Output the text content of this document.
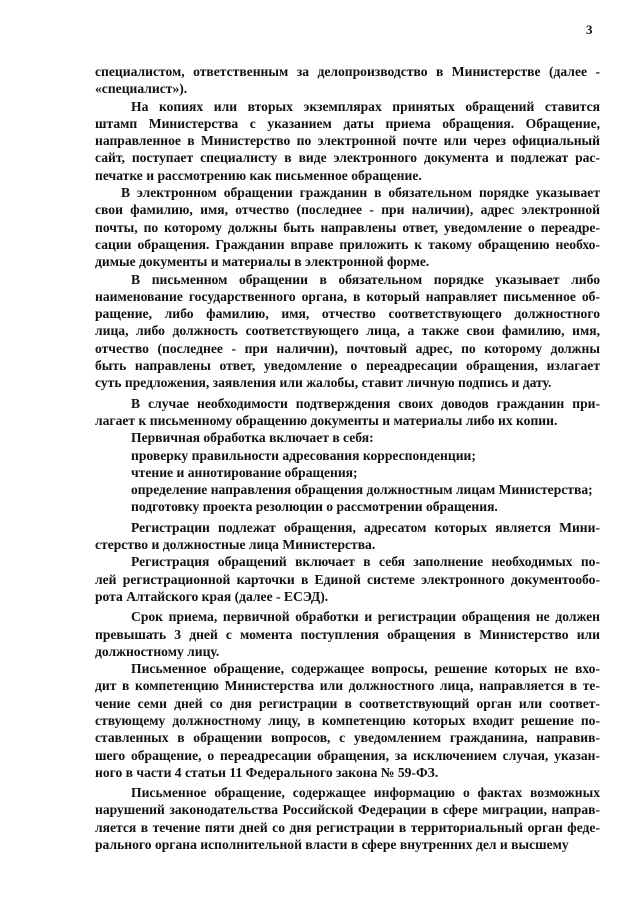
3
специалистом, ответственным за делопроизводство в Министерстве (далее -
«специалист»).
На копиях или вторых экземплярах принятых обращений ставится
штамп Министерства с указанием даты приема обращения. Обращение,
направленное в Министерство по электронной почте или через официальный
сайт, поступает специалисту в виде электронного документа и подлежат рас-
печатке и рассмотрению как письменное обращение.
В электронном обращении гражданин в обязательном порядке указывает
свои фамилию, имя, отчество (последнее - при наличии), адрес электронной
почты, по которому должны быть направлены ответ, уведомление о переадре-
сации обращения. Гражданин вправе приложить к такому обращению необхо-
димые документы и материалы в электронной форме.
В письменном обращении в обязательном порядке указывает либо
наименование государственного органа, в который направляет письменное об-
ращение, либо фамилию, имя, отчество соответствующего должностного
лица, либо должность соответствующего лица, а также свои фамилию, имя,
отчество (последнее - при наличии), почтовый адрес, по которому должны
быть направлены ответ, уведомление о переадресации обращения, излагает
суть предложения, заявления или жалобы, ставит личную подпись и дату.
В случае необходимости подтверждения своих доводов гражданин при-
лагает к письменному обращению документы и материалы либо их копии.
Первичная обработка включает в себя:
проверку правильности адресования корреспонденции;
чтение и аннотирование обращения;
определение направления обращения должностным лицам Министерства;
подготовку проекта резолюции о рассмотрении обращения.
Регистрации подлежат обращения, адресатом которых является Мини-
стерство и должностные лица Министерства.
Регистрация обращений включает в себя заполнение необходимых по-
лей регистрационной карточки в Единой системе электронного документообо-
рота Алтайского края (далее - ЕСЭД).
Срок приема, первичной обработки и регистрации обращения не должен
превышать 3 дней с момента поступления обращения в Министерство или
должностному лицу.
Письменное обращение, содержащее вопросы, решение которых не вхо-
дит в компетенцию Министерства или должностного лица, направляется в те-
чение семи дней со дня регистрации в соответствующий орган или соответ-
ствующему должностному лицу, в компетенцию которых входит решение по-
ставленных в обращении вопросов, с уведомлением гражданина, направив-
шего обращение, о переадресации обращения, за исключением случая, указан-
ного в части 4 статьи 11 Федерального закона № 59-ФЗ.
Письменное обращение, содержащее информацию о фактах возможных
нарушений законодательства Российской Федерации в сфере миграции, направ-
ляется в течение пяти дней со дня регистрации в территориальный орган феде-
рального органа исполнительной власти в сфере внутренних дел и высшему
